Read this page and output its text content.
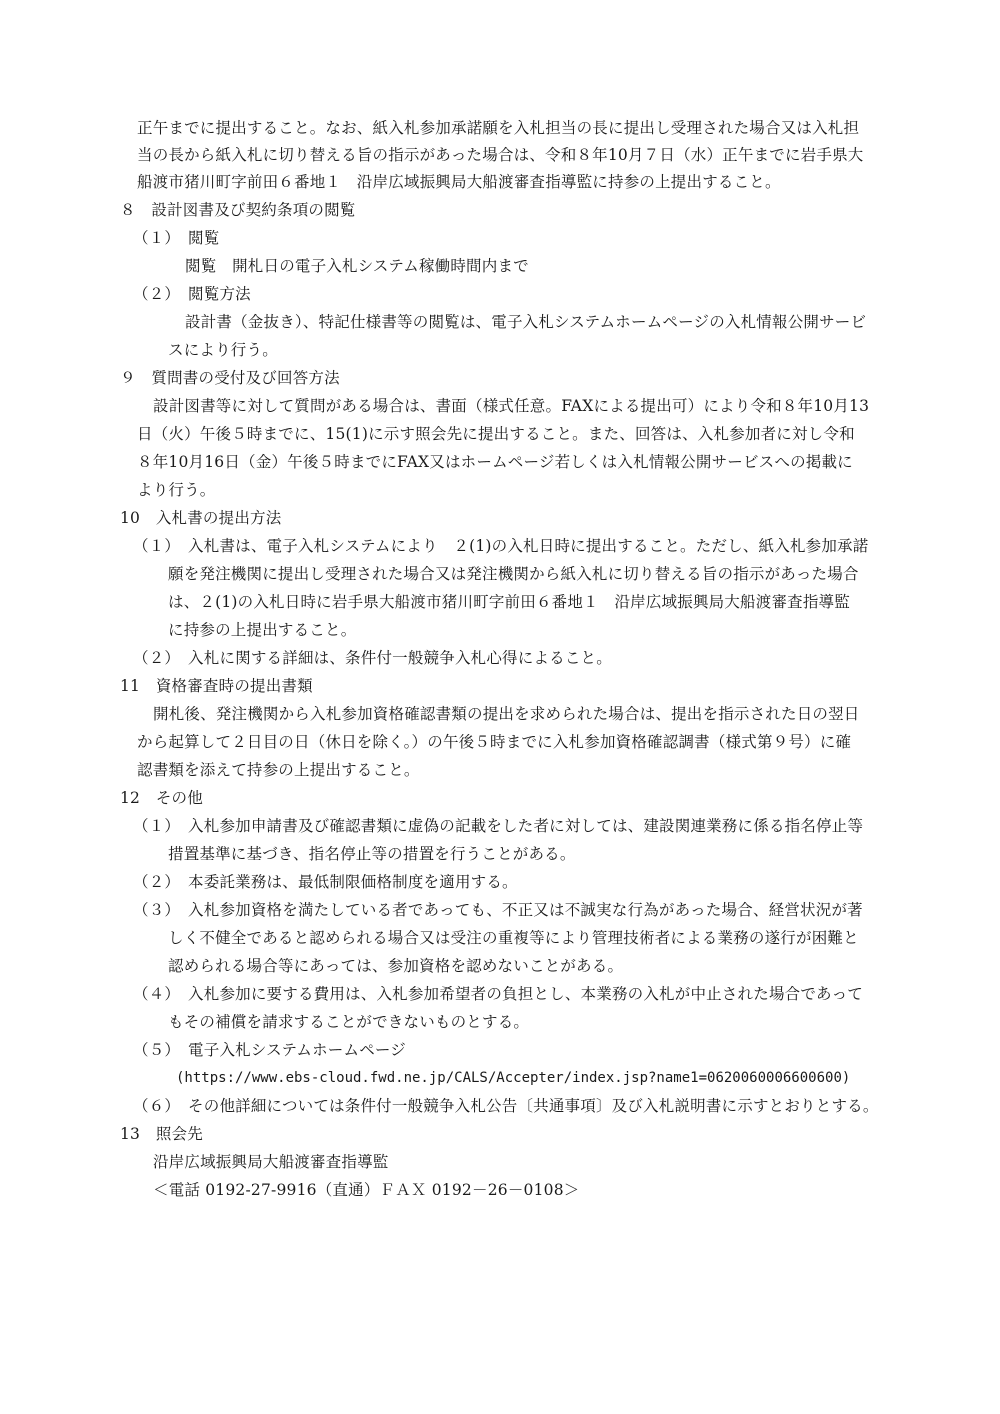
正午までに提出すること。なお、紙入札参加承諾願を入札担当の長に提出し受理された場合又は入札担
当の長から紙入札に切り替える旨の指示があった場合は、令和８年10月７日（水）正午までに岩手県大
船渡市猪川町字前田６番地１　沿岸広域振興局大船渡審査指導監に持参の上提出すること。
８　設計図書及び契約条項の閲覧
（１）　閲覧
閲覧　開札日の電子入札システム稼働時間内まで
（２）　閲覧方法
設計書（金抜き）、特記仕様書等の閲覧は、電子入札システムホームページの入札情報公開サービ
スにより行う。
９　質問書の受付及び回答方法
設計図書等に対して質問がある場合は、書面（様式任意。FAXによる提出可）により令和８年10月13
日（火）午後５時までに、15(1)に示す照会先に提出すること。また、回答は、入札参加者に対し令和
８年10月16日（金）午後５時までにFAX又はホームページ若しくは入札情報公開サービスへの掲載に
より行う。
10　入札書の提出方法
（１）　入札書は、電子入札システムにより　２(1)の入札日時に提出すること。ただし、紙入札参加承諾
願を発注機関に提出し受理された場合又は発注機関から紙入札に切り替える旨の指示があった場合
は、２(1)の入札日時に岩手県大船渡市猪川町字前田６番地１　沿岸広域振興局大船渡審査指導監
に持参の上提出すること。
（２）　入札に関する詳細は、条件付一般競争入札心得によること。
11　資格審査時の提出書類
開札後、発注機関から入札参加資格確認書類の提出を求められた場合は、提出を指示された日の翌日
から起算して２日目の日（休日を除く。）の午後５時までに入札参加資格確認調書（様式第９号）に確
認書類を添えて持参の上提出すること。
12　その他
（１）　入札参加申請書及び確認書類に虚偽の記載をした者に対しては、建設関連業務に係る指名停止等
措置基準に基づき、指名停止等の措置を行うことがある。
（２）　本委託業務は、最低制限価格制度を適用する。
（３）　入札参加資格を満たしている者であっても、不正又は不誠実な行為があった場合、経営状況が著
しく不健全であると認められる場合又は受注の重複等により管理技術者による業務の遂行が困難と
認められる場合等にあっては、参加資格を認めないことがある。
（４）　入札参加に要する費用は、入札参加希望者の負担とし、本業務の入札が中止された場合であって
もその補償を請求することができないものとする。
（５）　電子入札システムホームページ
(https://www.ebs-cloud.fwd.ne.jp/CALS/Accepter/index.jsp?name1=0620060006600600)
（６）　その他詳細については条件付一般競争入札公告〔共通事項〕及び入札説明書に示すとおりとする。
13　照会先
沿岸広域振興局大船渡審査指導監
＜電話 0192-27-9916（直通）ＦＡＸ 0192－26－0108＞
